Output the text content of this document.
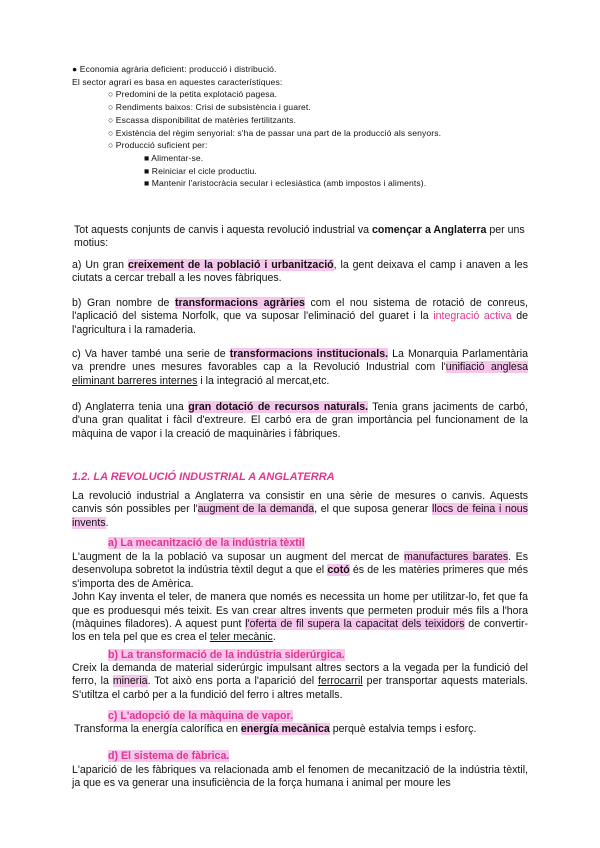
● Economia agrària deficient: producció i distribució.

El sector agrari es basa en aquestes característiques:

○ Predomini de la petita explotació pagesa.

○ Rendiments baixos: Crisi de subsistència i guaret.

○ Escassa disponibilitat de matèries fertilitzants.

○ Existència del règim senyorial: s'ha de passar una part de la producció als senyors.

○ Producció suficient per:

■ Alimentar-se.

■ Reiniciar el cicle productiu.

■ Mantenir l'aristocràcia secular i eclesiàstica (amb impostos i aliments).

Tot aquests conjunts de canvis i aquesta revolució industrial va començar a Anglaterra per uns motius:

a) Un gran creixement de la població i urbanització, la gent deixava el camp i anaven a les ciutats a cercar treball a les noves fàbriques.

b) Gran nombre de transformacions agràries com el nou sistema de rotació de conreus, l'aplicació del sistema Norfolk, que va suposar l'eliminació del guaret i la integració activa de l'agricultura i la ramaderia.

c) Va haver també una serie de transformacions institucionals. La Monarquia Parlamentària va prendre unes mesures favorables cap a la Revolució Industrial com l'unifiació anglesa eliminant barreres internes i la integració al mercat,etc.

d) Anglaterra tenia una gran dotació de recursos naturals. Tenia grans jaciments de carbó, d'una gran qualitat i fàcil d'extreure. El carbó era de gran importància pel funcionament de la màquina de vapor i la creació de maquinàries i fàbriques.

1.2. LA REVOLUCIÓ INDUSTRIAL A ANGLATERRA

La revolució industrial a Anglaterra va consistir en una sèrie de mesures o canvis. Aquests canvis són possibles per l'augment de la demanda, el que suposa generar llocs de feina i nous invents.

a) La mecanització de la indústria tèxtil

L'augment de la la població va suposar un augment del mercat de manufactures barates. Es desenvolupa sobretot la indústria tèxtil degut a que el cotó és de les matèries primeres que més s'importa des de Amèrica.

John Kay inventa el teler, de manera que només es necessita un home per utilitzar-lo, fet que fa que es produesqui més teixit. Es van crear altres invents que permeten produir més fils a l'hora (màquines filadores). A aquest punt l'oferta de fil supera la capacitat dels teixidors de convertir-los en tela pel que es crea el teler mecànic.

b) La transformació de la indústria siderúrgica.

Creix la demanda de material siderúrgic impulsant altres sectors a la vegada per la fundició del ferro, la mineria. Tot això ens porta a l'aparició del ferrocarril per transportar aquests materials. S'utiltza el carbó per a la fundició del ferro i altres metalls.

c) L'adopció de la màquina de vapor.

Transforma la energía calorífica en energía mecànica perquè estalvia temps i esforç.

d) El sistema de fàbrica.

L'aparició de les fàbriques va relacionada amb el fenomen de mecanització de la indústria tèxtil, ja que es va generar una insuficiència de la força humana i animal per moure les
